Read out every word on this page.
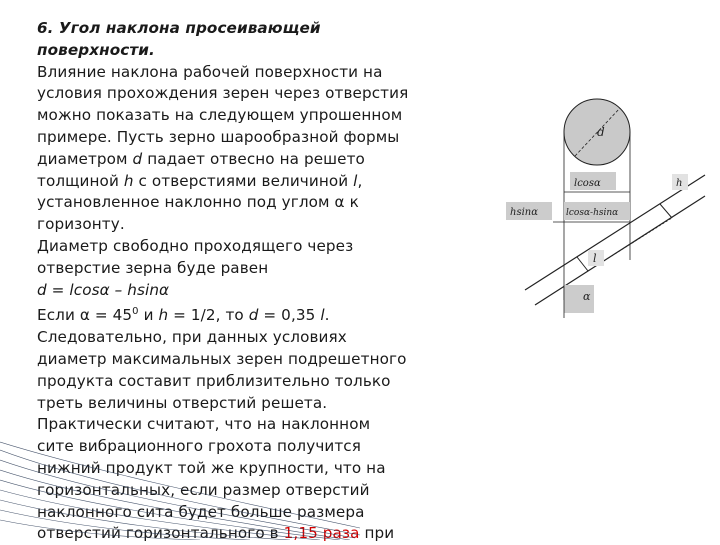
6. Угол наклона просеивающей
поверхности.
Влияние наклона рабочей поверхности на
условия прохождения зерен через отверстия
можно показать на следующем упрошенном
примере. Пусть зерно шарообразной формы
диаметром d падает отвесно на решето
толщиной h с отверстиями величиной l,
установленное наклонно под углом α к
горизонту.
Диаметр свободно проходящего через
отверстие зерна буде равен
d = lcosα – hsinα
Если $\alpha = 45^0$ и h = 1/2, то d = 0,35 l.
Следовательно, при данных условиях
диаметр максимальных зерен подрешетного
продукта составит приблизительно только
треть величины отверстий решета.
Практически считают, что на наклонном
сите вибрационного грохота получится
нижний продукт той же крупности, что на
горизонтальных, если размер отверстий
наклонного сита будет больше размера
отверстий горизонтального в 1,15 раза при
d
lcosα	h
hsinα	lcosα-hsinα
l
α
